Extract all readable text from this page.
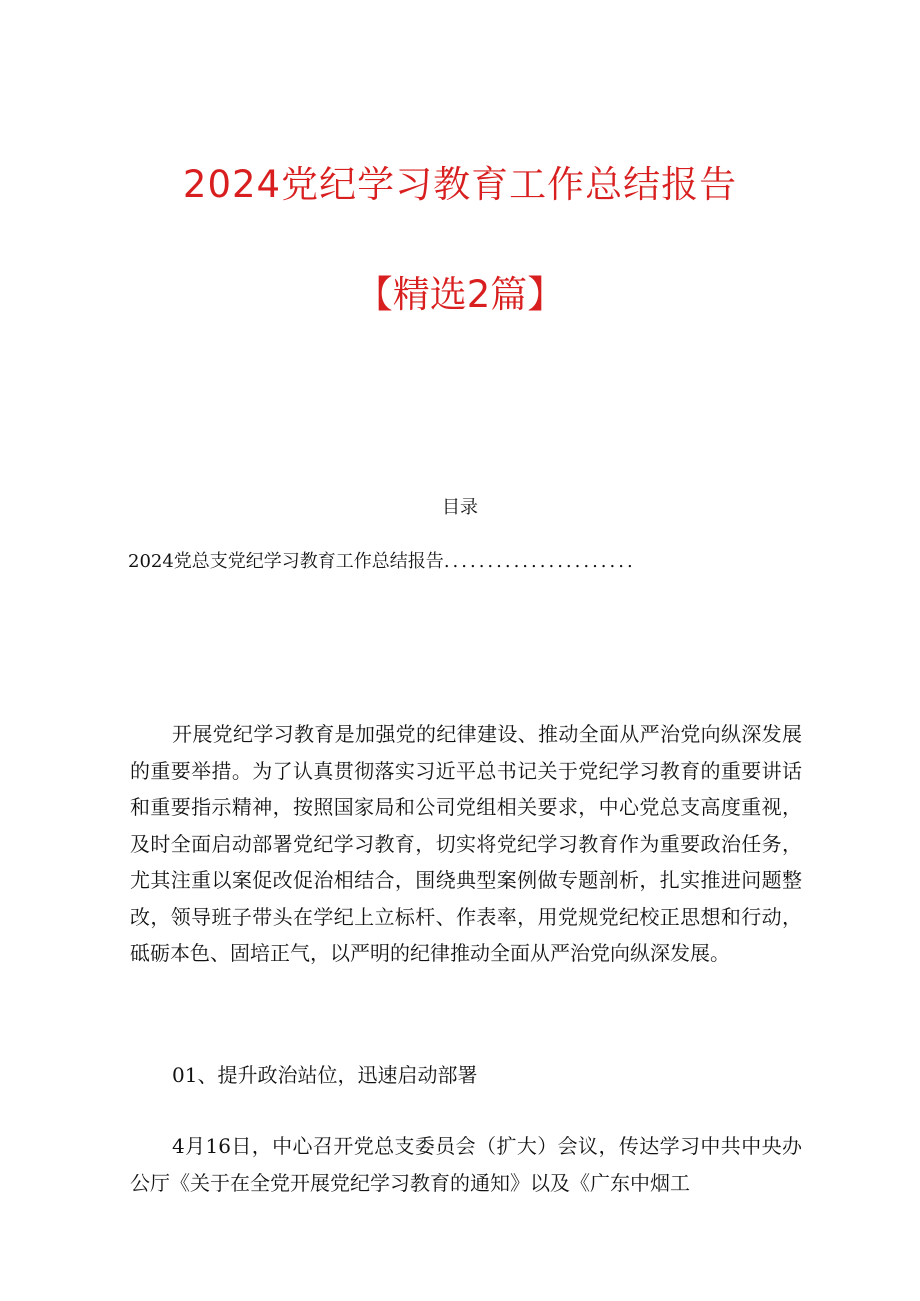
2024党纪学习教育工作总结报告
【精选2篇】
目录
2024党总支党纪学习教育工作总结报告......................

开展党纪学习教育是加强党的纪律建设、推动全面从严治党向纵深发展的重要举措。为了认真贯彻落实习近平总书记关于党纪学习教育的重要讲话和重要指示精神，按照国家局和公司党组相关要求，中心党总支高度重视，及时全面启动部署党纪学习教育，切实将党纪学习教育作为重要政治任务，尤其注重以案促改促治相结合，围绕典型案例做专题剖析，扎实推进问题整改，领导班子带头在学纪上立标杆、作表率，用党规党纪校正思想和行动，砥砺本色、固培正气，以严明的纪律推动全面从严治党向纵深发展。

01、提升政治站位，迅速启动部署

4月16日，中心召开党总支委员会（扩大）会议，传达学习中共中央办公厅《关于在全党开展党纪学习教育的通知》以及《广东中烟工
